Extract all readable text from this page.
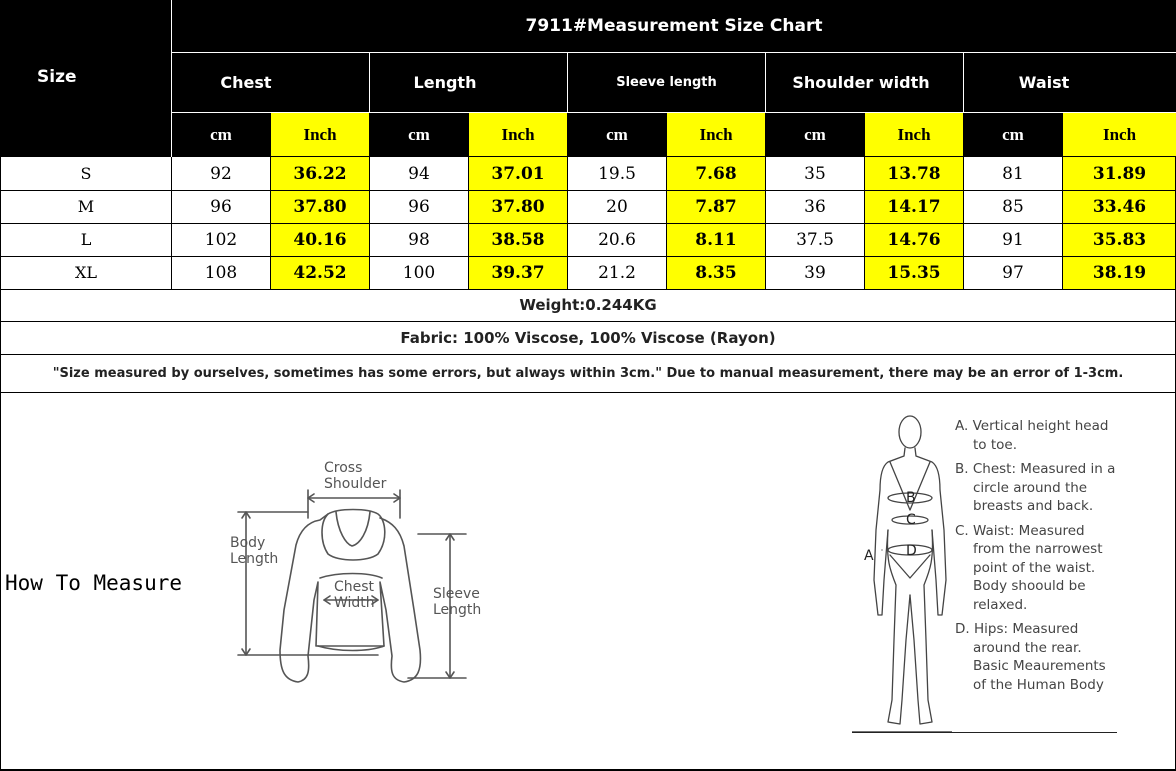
Size
7911#Measurement Size Chart
Chest	Length	Sleeve length	Shoulder width	Waist
cm	Inch	cm	Inch	cm	Inch	cm	Inch	cm	Inch
S	92	36.22	94	37.01	19.5	7.68	35	13.78	81	31.89
M	96	37.80	96	37.80	20	7.87	36	14.17	85	33.46
L	102	40.16	98	38.58	20.6	8.11	37.5	14.76	91	35.83
XL	108	42.52	100	39.37	21.2	8.35	39	15.35	97	38.19
Weight:0.244KG
Fabric: 100% Viscose, 100% Viscose (Rayon)
"Size measured by ourselves, sometimes has some errors, but always within 3cm." Due to manual measurement, there may be an error of 1-3cm.
How To Measure
Cross
Shoulder
Body
Length
Chest
Width
Sleeve
Length
A
B
C
D

A. Vertical height head
to toe.

B. Chest: Measured in a
circle around the
breasts and back.

C. Waist: Measured
from the narrowest
point of the waist.
Body shoould be
relaxed.

D. Hips: Measured
around the rear.
Basic Meaurements
of the Human Body
